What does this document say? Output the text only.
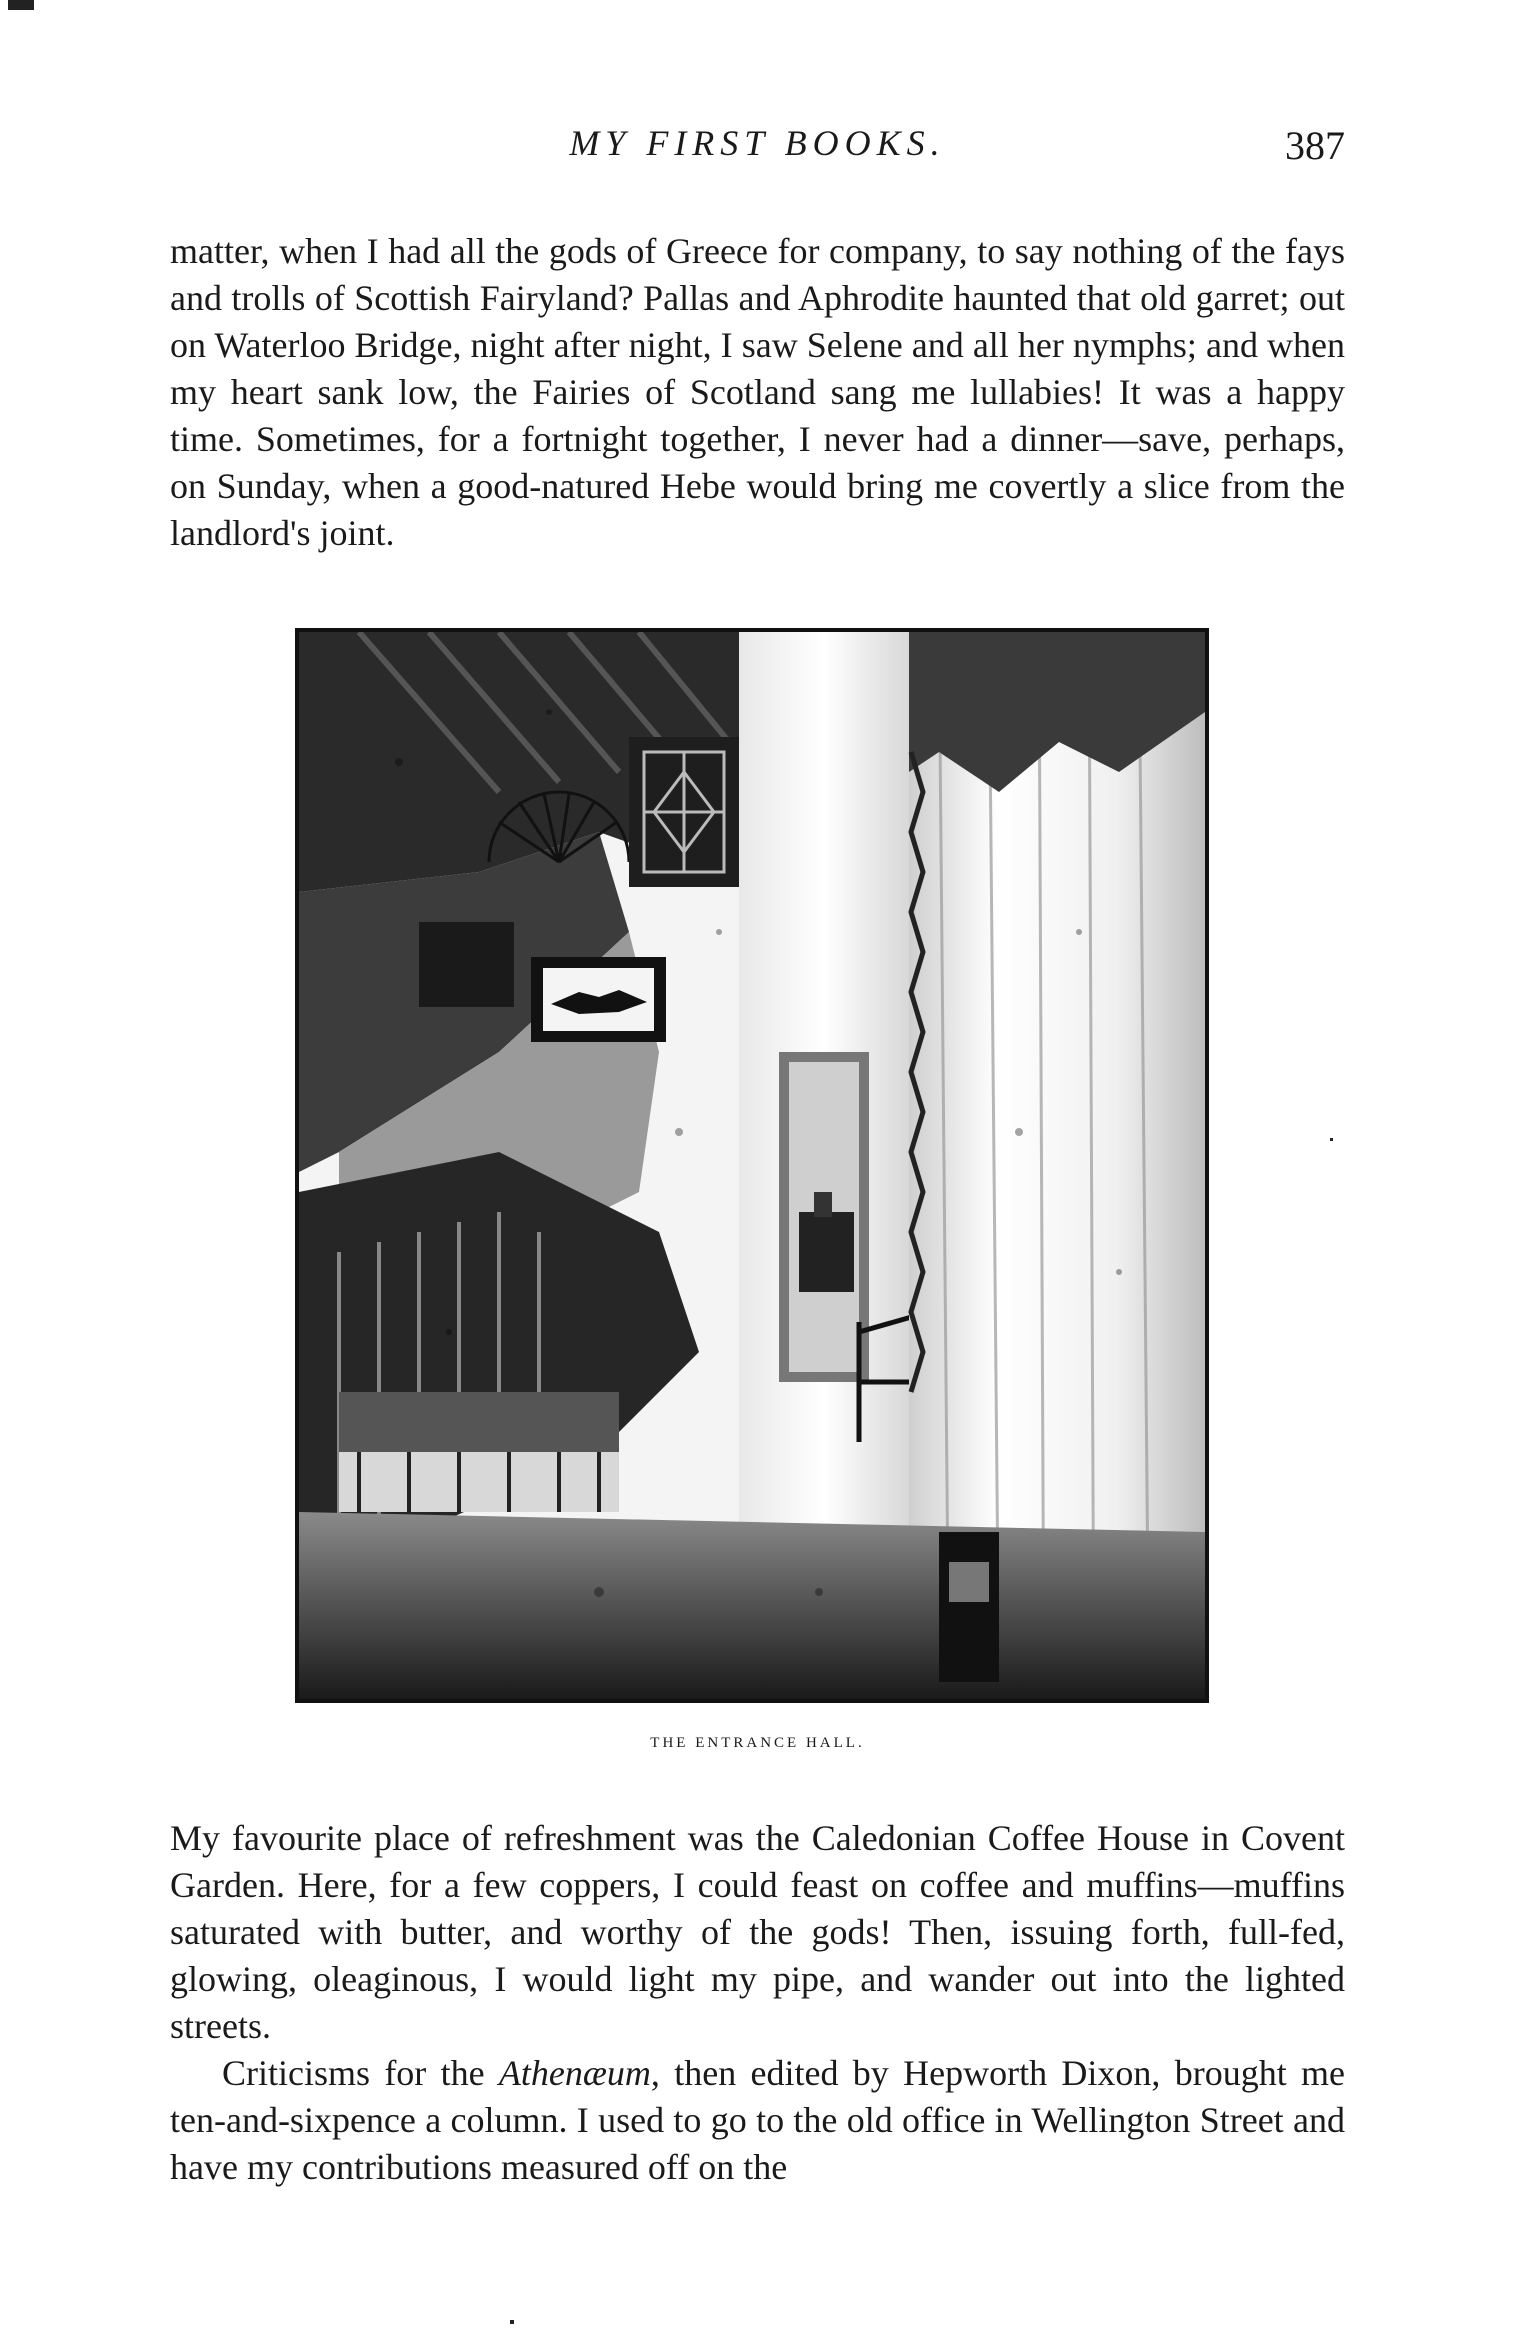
MY FIRST BOOKS.	387

matter, when I had all the gods of Greece for company, to say nothing of the fays and trolls of Scottish Fairyland? Pallas and Aphrodite haunted that old garret; out on Waterloo Bridge, night after night, I saw Selene and all her nymphs; and when my heart sank low, the Fairies of Scotland sang me lullabies! It was a happy time. Sometimes, for a fortnight together, I never had a dinner—save, perhaps, on Sunday, when a good-natured Hebe would bring me covertly a slice from the landlord's joint.

THE ENTRANCE HALL.

My favourite place of refreshment was the Caledonian Coffee House in Covent Garden. Here, for a few coppers, I could feast on coffee and muffins—muffins saturated with butter, and worthy of the gods! Then, issuing forth, full-fed, glowing, oleaginous, I would light my pipe, and wander out into the lighted streets.

Criticisms for the Athenæum, then edited by Hepworth Dixon, brought me ten-and-sixpence a column. I used to go to the old office in Wellington Street and have my contributions measured off on the
